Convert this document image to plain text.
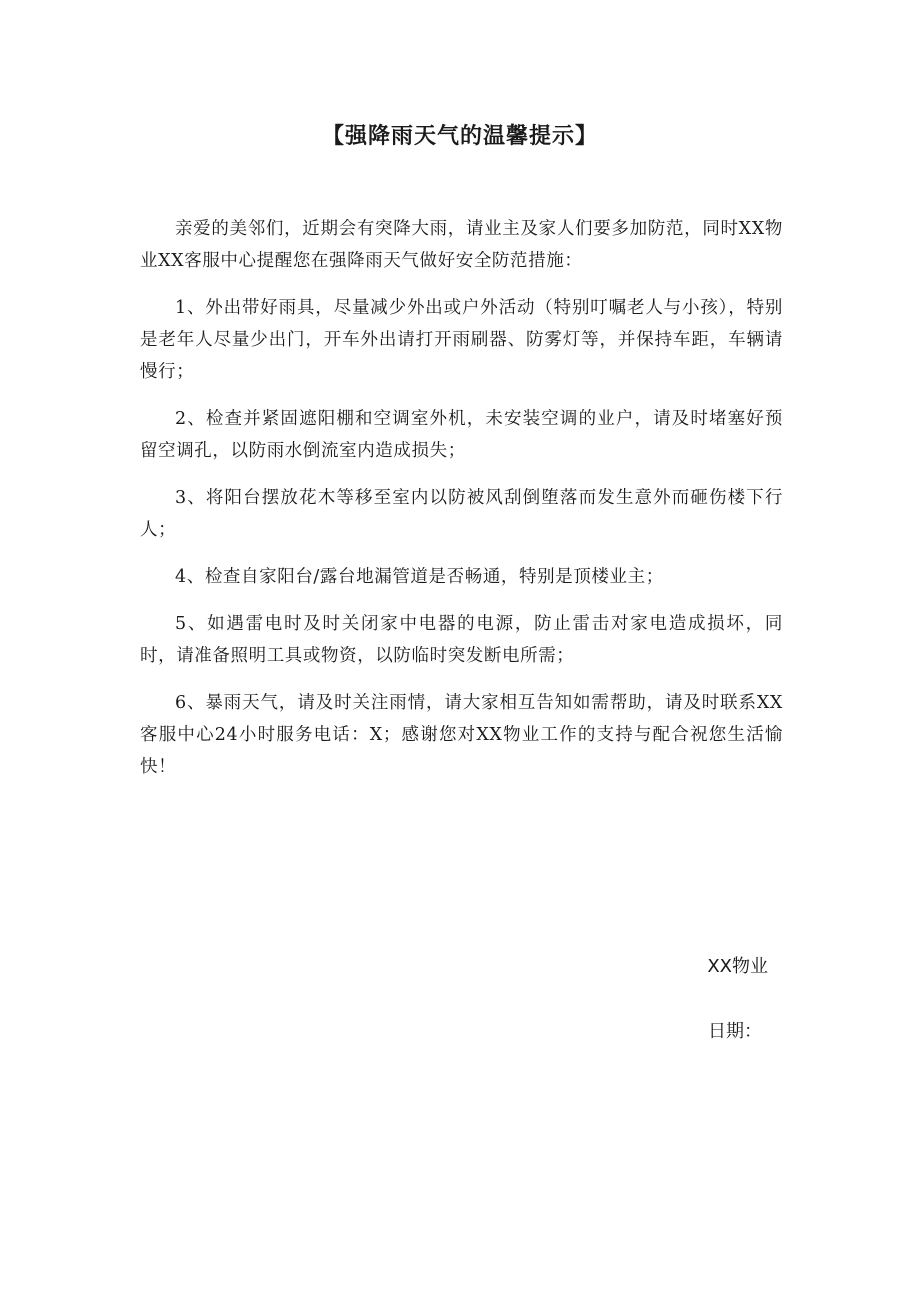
【强降雨天气的温馨提示】

亲爱的美邻们，近期会有突降大雨，请业主及家人们要多加防范，同时XX物业XX客服中心提醒您在强降雨天气做好安全防范措施：

1、外出带好雨具，尽量减少外出或户外活动（特别叮嘱老人与小孩），特别是老年人尽量少出门，开车外出请打开雨刷器、防雾灯等，并保持车距，车辆请慢行；

2、检查并紧固遮阳棚和空调室外机，未安装空调的业户，请及时堵塞好预留空调孔，以防雨水倒流室内造成损失；

3、将阳台摆放花木等移至室内以防被风刮倒堕落而发生意外而砸伤楼下行人；

4、检查自家阳台/露台地漏管道是否畅通，特别是顶楼业主；

5、如遇雷电时及时关闭家中电器的电源，防止雷击对家电造成损坏，同时，请准备照明工具或物资，以防临时突发断电所需；

6、暴雨天气，请及时关注雨情，请大家相互告知如需帮助，请及时联系XX客服中心24小时服务电话：X；感谢您对XX物业工作的支持与配合祝您生活愉快！

XX物业
日期：
